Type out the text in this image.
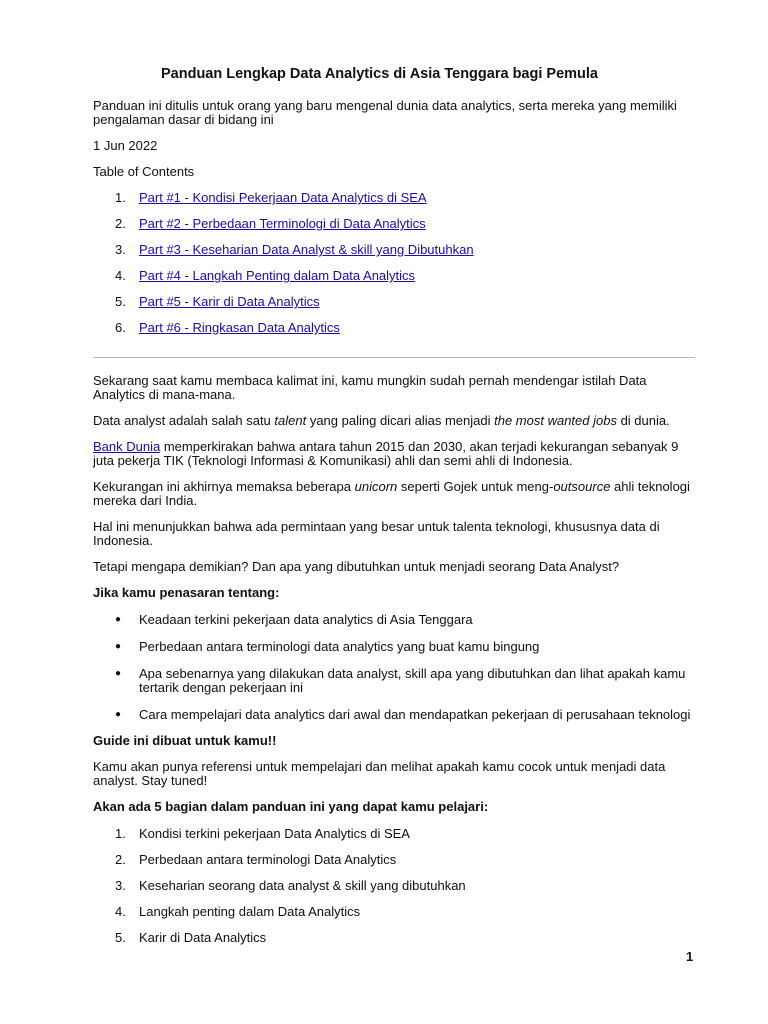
Panduan Lengkap Data Analytics di Asia Tenggara bagi Pemula
Panduan ini ditulis untuk orang yang baru mengenal dunia data analytics, serta mereka yang memiliki
pengalaman dasar di bidang ini
1 Jun 2022
Table of Contents
1. Part #1 - Kondisi Pekerjaan Data Analytics di SEA
2. Part #2 - Perbedaan Terminologi di Data Analytics
3. Part #3 - Keseharian Data Analyst & skill yang Dibutuhkan
4. Part #4 - Langkah Penting dalam Data Analytics
5. Part #5 - Karir di Data Analytics
6. Part #6 - Ringkasan Data Analytics
Sekarang saat kamu membaca kalimat ini, kamu mungkin sudah pernah mendengar istilah Data
Analytics di mana-mana.
Data analyst adalah salah satu talent yang paling dicari alias menjadi the most wanted jobs di dunia.
Bank Dunia memperkirakan bahwa antara tahun 2015 dan 2030, akan terjadi kekurangan sebanyak 9
juta pekerja TIK (Teknologi Informasi & Komunikasi) ahli dan semi ahli di Indonesia.
Kekurangan ini akhirnya memaksa beberapa unicorn seperti Gojek untuk meng-outsource ahli teknologi
mereka dari India.
Hal ini menunjukkan bahwa ada permintaan yang besar untuk talenta teknologi, khususnya data di
Indonesia.
Tetapi mengapa demikian? Dan apa yang dibutuhkan untuk menjadi seorang Data Analyst?
Jika kamu penasaran tentang:
● Keadaan terkini pekerjaan data analytics di Asia Tenggara
● Perbedaan antara terminologi data analytics yang buat kamu bingung
● Apa sebenarnya yang dilakukan data analyst, skill apa yang dibutuhkan dan lihat apakah kamu
tertarik dengan pekerjaan ini
● Cara mempelajari data analytics dari awal dan mendapatkan pekerjaan di perusahaan teknologi
Guide ini dibuat untuk kamu!!
Kamu akan punya referensi untuk mempelajari dan melihat apakah kamu cocok untuk menjadi data
analyst. Stay tuned!
Akan ada 5 bagian dalam panduan ini yang dapat kamu pelajari:
1. Kondisi terkini pekerjaan Data Analytics di SEA
2. Perbedaan antara terminologi Data Analytics
3. Keseharian seorang data analyst & skill yang dibutuhkan
4. Langkah penting dalam Data Analytics
5. Karir di Data Analytics
1
